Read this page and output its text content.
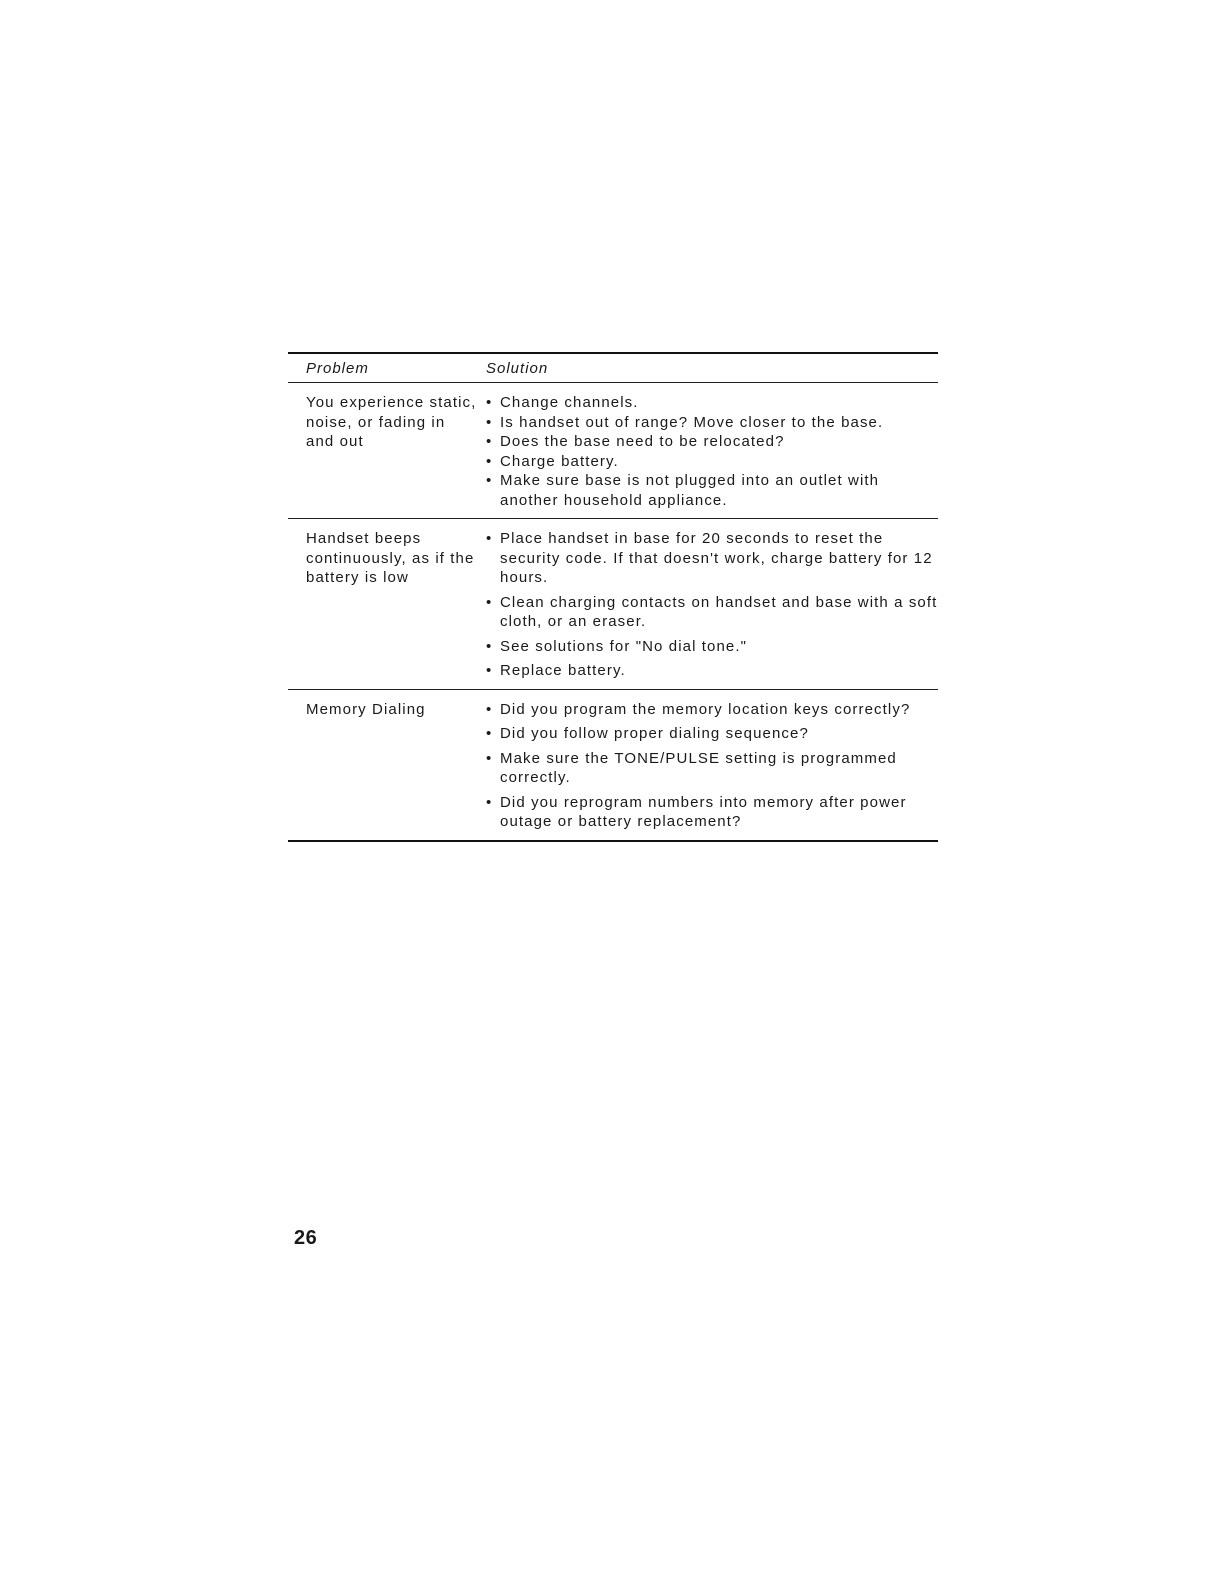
Problem	Solution
You experience static,
noise, or fading in
and out
• Change channels.
• Is handset out of range? Move closer to the base.
• Does the base need to be relocated?
• Charge battery.
• Make sure base is not plugged into an outlet with another household appliance.
Handset beeps
continuously, as if the
battery is low
• Place handset in base for 20 seconds to reset the security code. If that doesn't work, charge battery for 12 hours.
• Clean charging contacts on handset and base with a soft cloth, or an eraser.
• See solutions for "No dial tone."
• Replace battery.
Memory Dialing	• Did you program the memory location keys correctly?
• Did you follow proper dialing sequence?
• Make sure the TONE/PULSE setting is programmed correctly.
• Did you reprogram numbers into memory after power outage or battery replacement?
26
